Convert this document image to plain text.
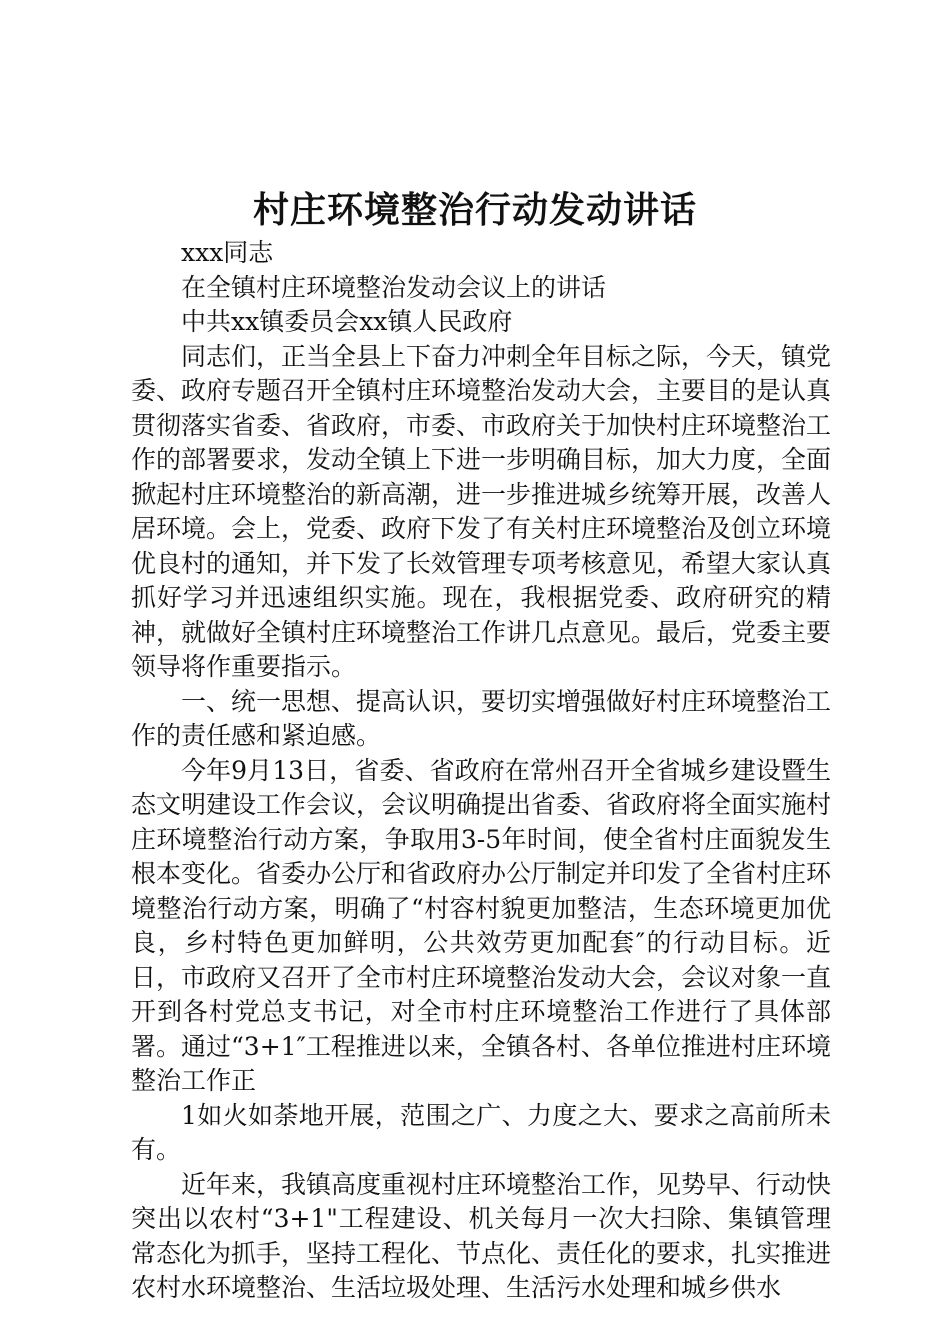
村庄环境整治行动发动讲话

xxx同志

在全镇村庄环境整治发动会议上的讲话

中共xx镇委员会xx镇人民政府

同志们，正当全县上下奋力冲刺全年目标之际，今天，镇党委、政府专题召开全镇村庄环境整治发动大会，主要目的是认真贯彻落实省委、省政府，市委、市政府关于加快村庄环境整治工作的部署要求，发动全镇上下进一步明确目标，加大力度，全面掀起村庄环境整治的新高潮，进一步推进城乡统筹开展，改善人居环境。会上，党委、政府下发了有关村庄环境整治及创立环境优良村的通知，并下发了长效管理专项考核意见，希望大家认真抓好学习并迅速组织实施。现在，我根据党委、政府研究的精神，就做好全镇村庄环境整治工作讲几点意见。最后，党委主要领导将作重要指示。

一、统一思想、提高认识，要切实增强做好村庄环境整治工作的责任感和紧迫感。

今年9月13日，省委、省政府在常州召开全省城乡建设暨生态文明建设工作会议，会议明确提出省委、省政府将全面实施村庄环境整治行动方案，争取用3-5年时间，使全省村庄面貌发生根本变化。省委办公厅和省政府办公厅制定并印发了全省村庄环境整治行动方案，明确了“村容村貌更加整洁，生态环境更加优良，乡村特色更加鲜明，公共效劳更加配套″的行动目标。近日，市政府又召开了全市村庄环境整治发动大会，会议对象一直开到各村党总支书记，对全市村庄环境整治工作进行了具体部署。通过“3+1″工程推进以来，全镇各村、各单位推进村庄环境整治工作正

1如火如荼地开展，范围之广、力度之大、要求之高前所未有。

近年来，我镇高度重视村庄环境整治工作，见势早、行动快突出以农村“3+1"工程建设、机关每月一次大扫除、集镇管理常态化为抓手，坚持工程化、节点化、责任化的要求，扎实推进农村水环境整治、生活垃圾处理、生活污水处理和城乡供水
